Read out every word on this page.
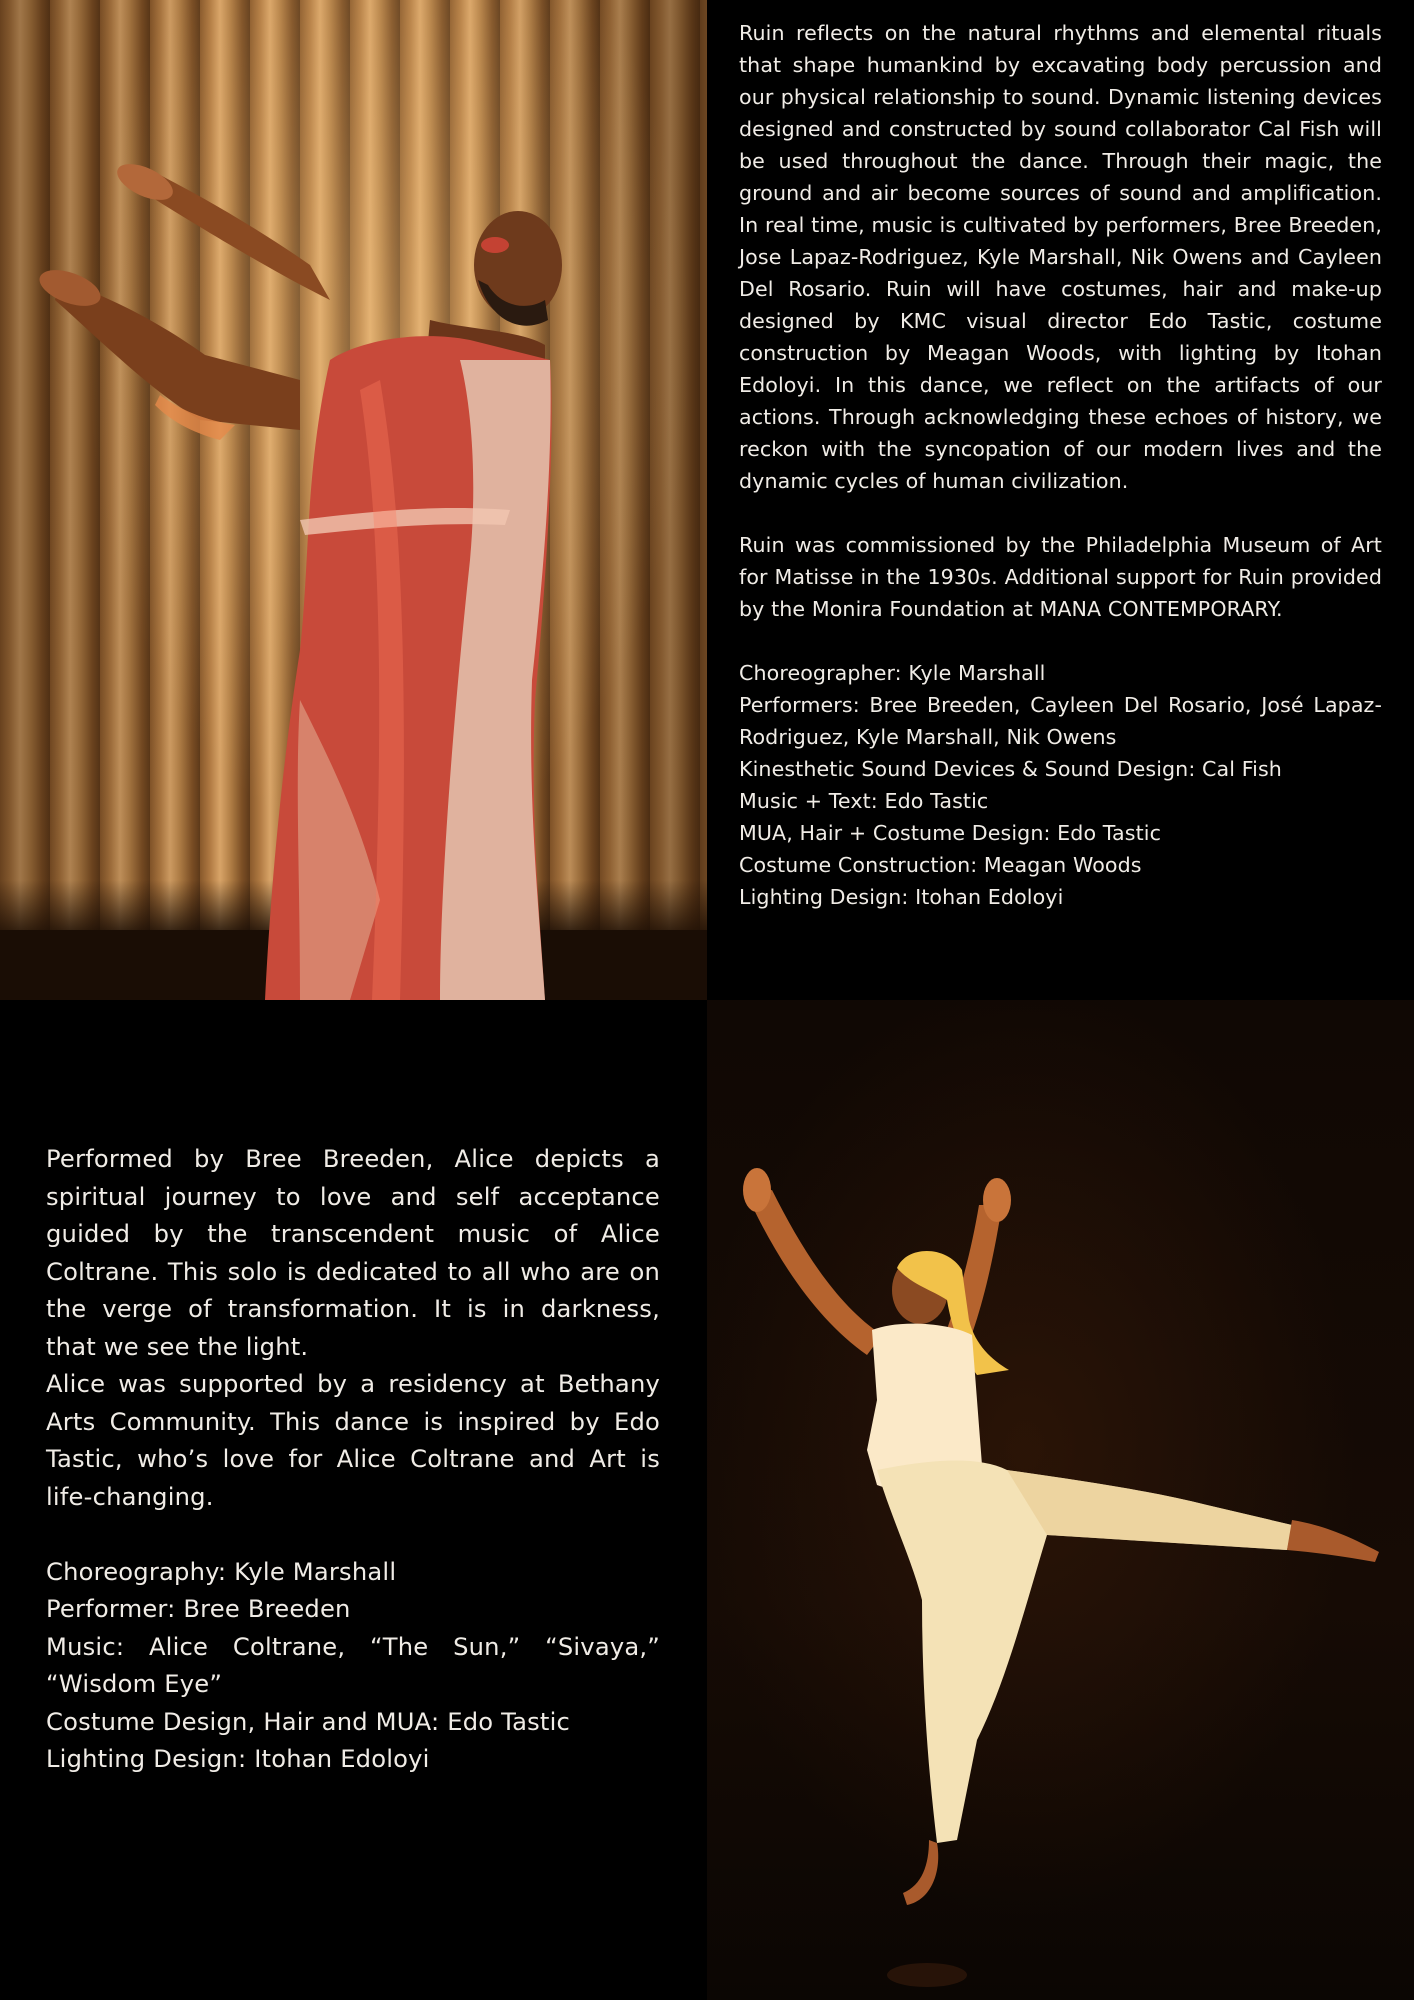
Ruin reflects on the natural rhythms and elemental rituals that shape humankind by excavating body percussion and our physical relationship to sound. Dynamic listening devices designed and constructed by sound collaborator Cal Fish will be used throughout the dance. Through their magic, the ground and air become sources of sound and amplification. In real time, music is cultivated by performers, Bree Breeden, Jose Lapaz-Rodriguez, Kyle Marshall, Nik Owens and Cayleen Del Rosario. Ruin will have costumes, hair and make-up designed by KMC visual director Edo Tastic, costume construction by Meagan Woods, with lighting by Itohan Edoloyi. In this dance, we reflect on the artifacts of our actions. Through acknowledging these echoes of history, we reckon with the syncopation of our modern lives and the dynamic cycles of human civilization.

Ruin was commissioned by the Philadelphia Museum of Art for Matisse in the 1930s. Additional support for Ruin provided by the Monira Foundation at MANA CONTEMPORARY.

Choreographer: Kyle Marshall
Performers: Bree Breeden, Cayleen Del Rosario, José Lapaz-Rodriguez, Kyle Marshall, Nik Owens
Kinesthetic Sound Devices & Sound Design: Cal Fish
Music + Text: Edo Tastic
MUA, Hair + Costume Design: Edo Tastic
Costume Construction: Meagan Woods
Lighting Design: Itohan Edoloyi

Performed by Bree Breeden, Alice depicts a spiritual journey to love and self acceptance guided by the transcendent music of Alice Coltrane. This solo is dedicated to all who are on the verge of transformation. It is in darkness, that we see the light.

Alice was supported by a residency at Bethany Arts Community. This dance is inspired by Edo Tastic, who’s love for Alice Coltrane and Art is life-changing.

Choreography: Kyle Marshall
Performer: Bree Breeden
Music: Alice Coltrane, “The Sun,” “Sivaya,” “Wisdom Eye”
Costume Design, Hair and MUA: Edo Tastic
Lighting Design: Itohan Edoloyi
